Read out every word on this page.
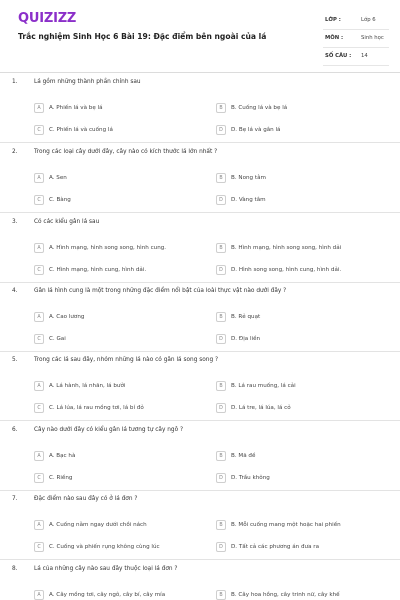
QUIZIZZ
Trắc nghiệm Sinh Học 6 Bài 19: Đặc điểm bên ngoài của lá
LỚP :	Lớp 6
MÔN :	Sinh học
SỐ CÂU : 14
1.	Lá gồm những thành phần chính sau
A	A. Phiến lá và bẹ lá	B	B. Cuống lá và bẹ lá
C	C. Phiến lá và cuống lá	D	D. Bẹ lá và gân lá
2.	Trong các loại cây dưới đây, cây nào có kích thước lá lớn nhất ?
A	A. Sen	B	B. Nong tằm
C	C. Bàng	D	D. Vàng tâm
3.	Có các kiểu gân lá sau
A	A. Hình mạng, hình song song, hình cung.	B	B. Hình mạng, hình song song, hình dải
C	C. Hình mạng, hình cung, hình dải.	D	D. Hình song song, hình cung, hình dải.
4.	Gân lá hình cung là một trong những đặc điểm nổi bật của loài thực vật nào dưới đây ?
A	A. Cao lương	B	B. Rẻ quạt
C	C. Gai	D	D. Địa liền
5.	Trong các lá sau đây, nhóm những lá nào có gân lá song song ?
A	A. Lá hành, lá nhãn, lá bưởi	B	B. Lá rau muống, lá cải
C	C. Lá lúa, lá rau mồng tơi, lá bí đỏ	D	D. Lá tre, lá lúa, lá cỏ
6.	Cây nào dưới đây có kiểu gân lá tương tự cây ngô ?
A	A. Bạc hà	B	B. Mã đề
C	C. Riềng	D	D. Trầu không
7.	Đặc điểm nào sau đây có ở lá đơn ?
A	A. Cuống nằm ngay dưới chồi nách	B	B. Mỗi cuống mang một hoặc hai phiến
C	C. Cuống và phiến rụng không cùng lúc	D	D. Tất cả các phương án đưa ra
8.	Lá của những cây nào sau đây thuộc loại lá đơn ?
A	A. Cây mồng tơi, cây ngô, cây bí, cây mía	B	B. Cây hoa hồng, cây trinh nữ, cây khế
